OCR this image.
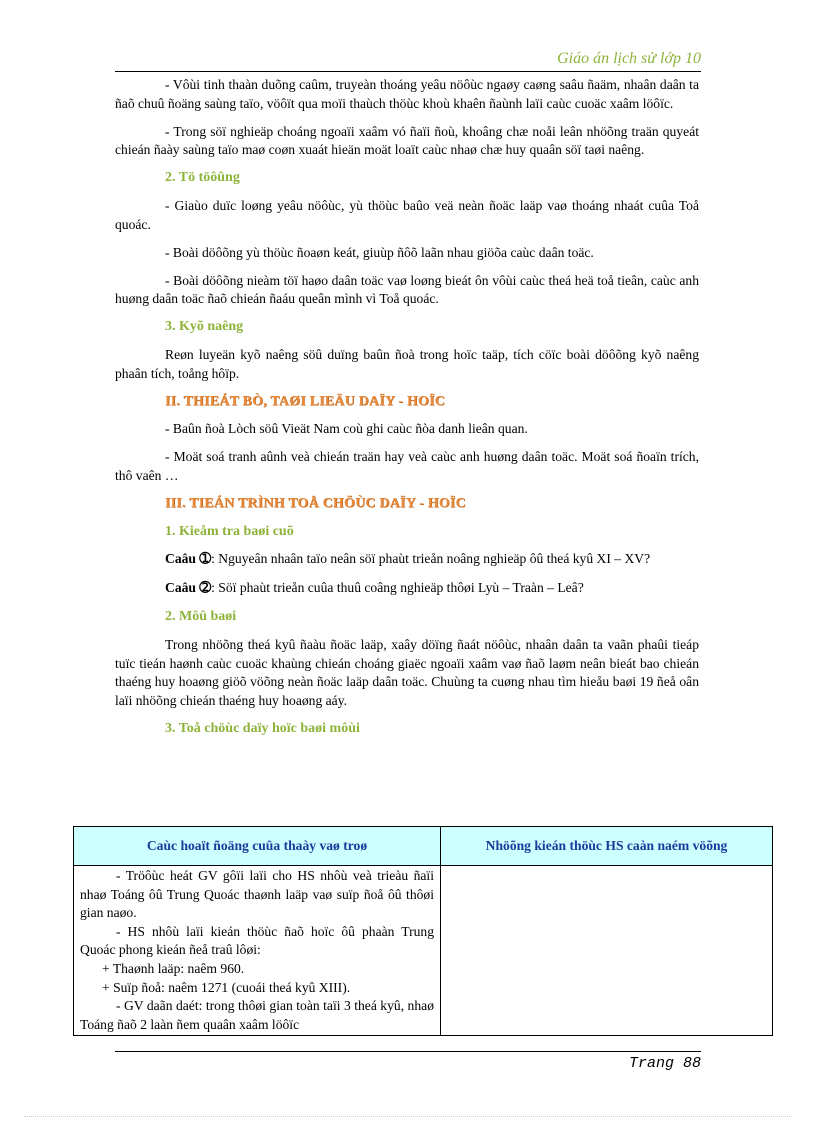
Giáo án lịch sử lớp 10

- Vôùi tinh thaàn duõng caûm, truyeàn thoáng yeâu nöôùc ngaøy caøng saâu ñaäm, nhaân daân ta ñaõ chuû ñoäng saùng taïo, vöôït qua moïi thaùch thöùc khoù khaên ñaùnh laïi caùc cuoäc xaâm löôïc.

- Trong söï nghieäp choáng ngoaïi xaâm vó ñaïi ñoù, khoâng chæ noåi leân nhöõng traän quyeát chieán ñaày saùng taïo maø coøn xuaát hieän moät loaït caùc nhaø chæ huy quaân söï taøi naêng.

2. Tö töôûng

- Giaùo duïc loøng yeâu nöôùc, yù thöùc baûo veä neàn ñoäc laäp vaø thoáng nhaát cuûa Toå quoác.

- Boài döôõng yù thöùc ñoaøn keát, giuùp ñôõ laãn nhau giöõa caùc daân toäc.

- Boài döôõng nieàm töï haøo daân toäc vaø loøng bieát ôn vôùi caùc theá heä toå tieân, caùc anh huøng daân toäc ñaõ chieán ñaáu queân mình vì Toå quoác.

3. Kyõ naêng

Reøn luyeän kyõ naêng söû duïng baûn ñoà trong hoïc taäp, tích cöïc boài döôõng kyõ naêng phaân tích, toång hôïp.

II. THIEÁT BÒ, TAØI LIEÄU DAÏY - HOÏC

- Baûn ñoà Lòch söû Vieät Nam coù ghi caùc ñòa danh lieân quan.

- Moät soá tranh aûnh veà chieán traän hay veà caùc anh huøng daân toäc. Moät soá ñoaïn trích, thô vaên …

III. TIEÁN TRÌNH TOÅ CHÖÙC DAÏY - HOÏC
1. Kieåm tra baøi cuõ

Caâu ➀: Nguyeân nhaân taïo neân söï phaùt trieån noâng nghieäp ôû theá kyû XI – XV?

Caâu ➁: Söï phaùt trieån cuûa thuû coâng nghieäp thôøi Lyù – Traàn – Leâ?

2. Môû baøi

Trong nhöõng theá kyû ñaàu ñoäc laäp, xaây döïng ñaát nöôùc, nhaân daân ta vaãn phaûi tieáp tuïc tieán haønh caùc cuoäc khaùng chieán choáng giaëc ngoaïi xaâm vaø ñaõ laøm neân bieát bao chieán thaéng huy hoaøng giöõ vöõng neàn ñoäc laäp daân toäc. Chuùng ta cuøng nhau tìm hieåu baøi 19 ñeå oân laïi nhöõng chieán thaéng huy hoaøng aáy.

3. Toå chöùc daïy hoïc baøi môùi
Caùc hoaït ñoäng cuûa thaày vaø troø	Nhöõng kieán thöùc HS caàn naém vöõng

- Tröôùc heát GV gôïi laïi cho HS nhôù veà trieàu ñaïi nhaø Toáng ôû Trung Quoác thaønh laäp vaø suïp ñoå ôû thôøi gian naøo.

- HS nhôù laïi kieán thöùc ñaõ hoïc ôû phaàn Trung Quoác phong kieán ñeå traû lôøi:

+ Thaønh laäp: naêm 960.

+ Suïp ñoå: naêm 1271 (cuoái theá kyû XIII).

- GV daãn daét: trong thôøi gian toàn taïi 3 theá kyû, nhaø Toáng ñaõ 2 laàn ñem quaân xaâm löôïc	

Trang 88
